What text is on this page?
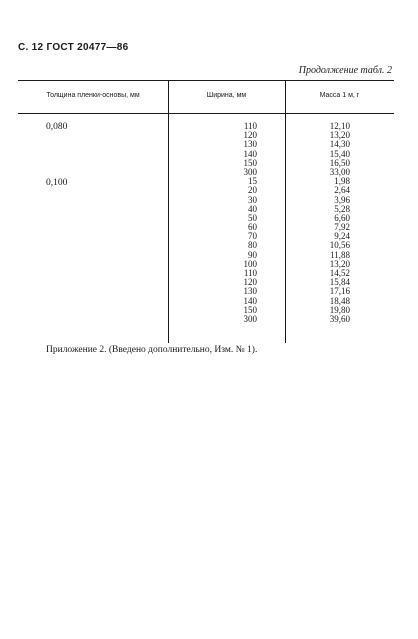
С. 12 ГОСТ 20477—86
Продолжение табл. 2
Толщина пленки-основы, мм	Ширина, мм	Масса 1 м, г
0,080
0,100
110
120
130
140
150
300
15
20
30
40
50
60
70
80
90
100
110
120
130
140
150
300
12,10
13,20
14,30
15,40
16,50
33,00
1,98
2,64
3,96
5,28
6,60
7,92
9,24
10,56
11,88
13,20
14,52
15,84
17,16
18,48
19,80
39,60
Приложение 2. (Введено дополнительно, Изм. № 1).
